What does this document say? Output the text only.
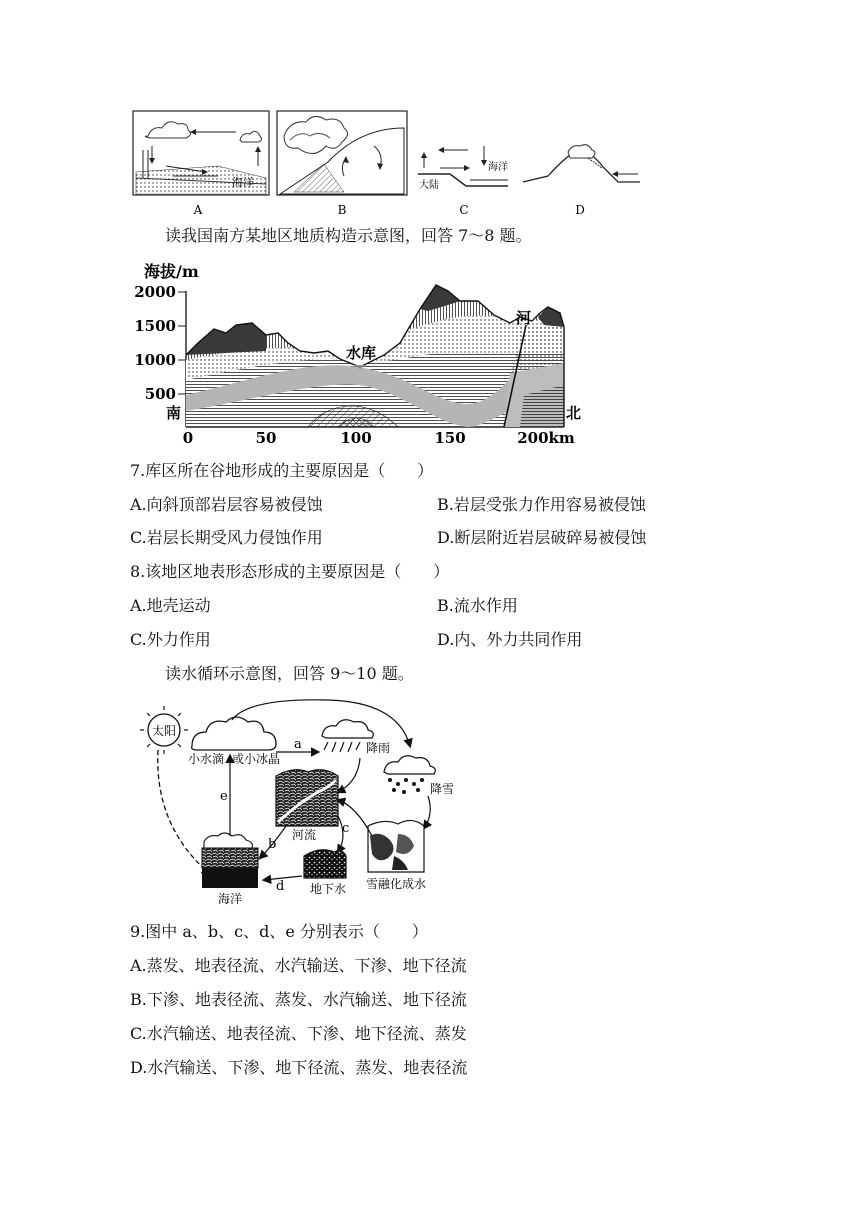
海洋
A	B
大陆
海洋
C	D
读我国南方某地区地质构造示意图，回答 7～8 题。
海拔/m
2000
1500
1000
500
水库
河
南	北
0	50	100	150	200km
7.库区所在谷地形成的主要原因是（　　）
A.向斜顶部岩层容易被侵蚀	B.岩层受张力作用容易被侵蚀
C.岩层长期受风力侵蚀作用	D.断层附近岩层破碎易被侵蚀
8.该地区地表形态形成的主要原因是（　　）
A.地壳运动	B.流水作用
C.外力作用	D.内、外力共同作用
读水循环示意图，回答 9～10 题。
太阳
小水滴 或小冰晶
a	降雨
降雪
河流
雪融化成水
c
地下水
b
d
海洋
e
9.图中 a、b、c、d、e 分别表示（　　）
A.蒸发、地表径流、水汽输送、下渗、地下径流
B.下渗、地表径流、蒸发、水汽输送、地下径流
C.水汽输送、地表径流、下渗、地下径流、蒸发
D.水汽输送、下渗、地下径流、蒸发、地表径流
